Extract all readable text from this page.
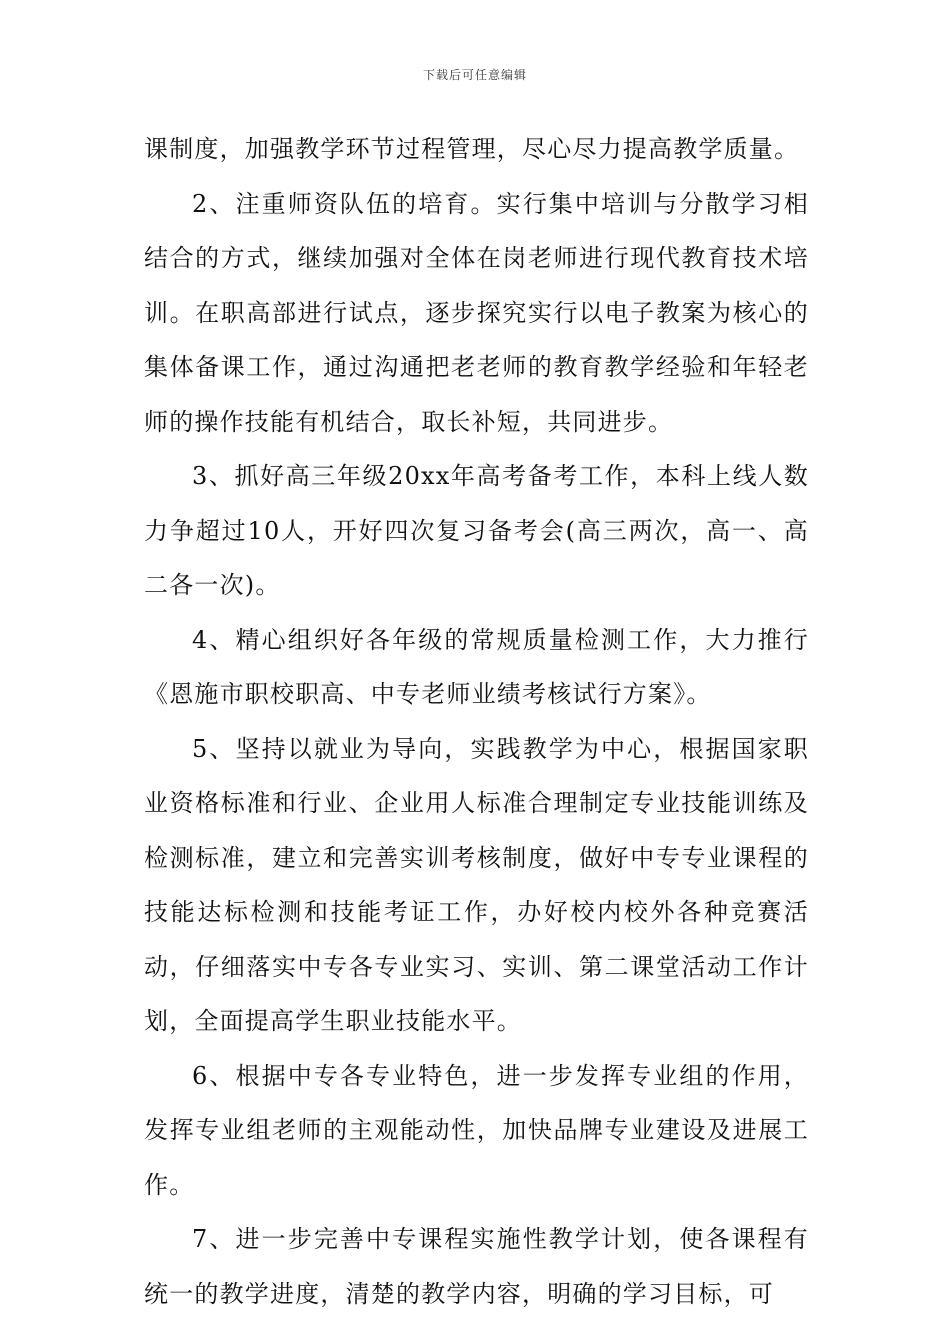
下载后可任意编辑

课制度，加强教学环节过程管理，尽心尽力提高教学质量。

2、注重师资队伍的培育。实行集中培训与分散学习相结合的方式，继续加强对全体在岗老师进行现代教育技术培训。在职高部进行试点，逐步探究实行以电子教案为核心的集体备课工作，通过沟通把老老师的教育教学经验和年轻老师的操作技能有机结合，取长补短，共同进步。

3、抓好高三年级20xx年高考备考工作，本科上线人数力争超过10人，开好四次复习备考会(高三两次，高一、高二各一次)。

4、精心组织好各年级的常规质量检测工作，大力推行《恩施市职校职高、中专老师业绩考核试行方案》。

5、坚持以就业为导向，实践教学为中心，根据国家职业资格标准和行业、企业用人标准合理制定专业技能训练及检测标准，建立和完善实训考核制度，做好中专专业课程的技能达标检测和技能考证工作，办好校内校外各种竞赛活动，仔细落实中专各专业实习、实训、第二课堂活动工作计划，全面提高学生职业技能水平。

6、根据中专各专业特色，进一步发挥专业组的作用，发挥专业组老师的主观能动性，加快品牌专业建设及进展工作。

7、进一步完善中专课程实施性教学计划，使各课程有统一的教学进度，清楚的教学内容，明确的学习目标，可
